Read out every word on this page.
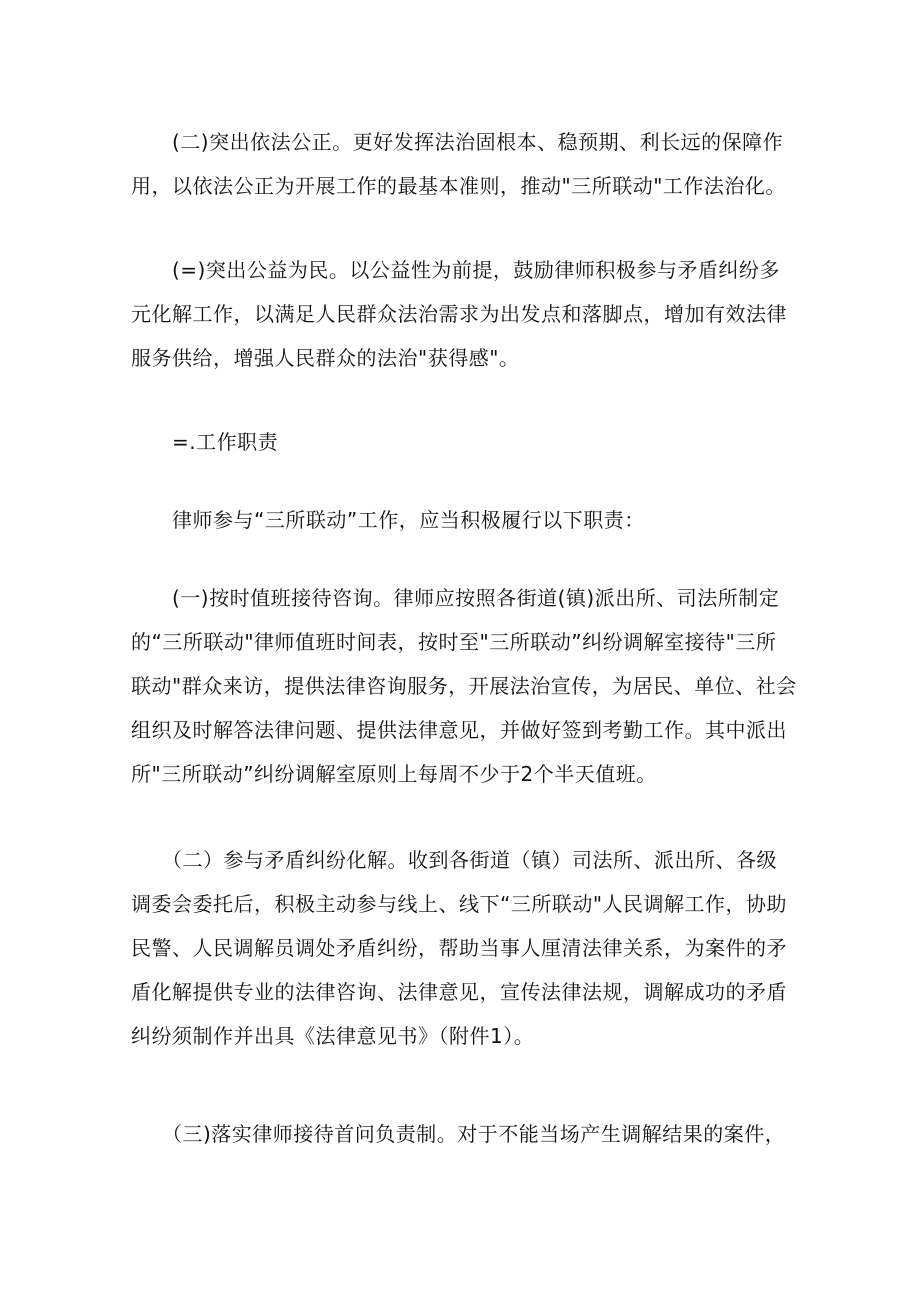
　　(二)突出依法公正。更好发挥法治固根本、稳预期、利长远的保障作
用，以依法公正为开展工作的最基本准则，推动"三所联动"工作法治化。
　　(=)突出公益为民。以公益性为前提，鼓励律师积极参与矛盾纠纷多
元化解工作，以满足人民群众法治需求为出发点和落脚点，增加有效法律
服务供给，增强人民群众的法治"获得感"。
　　=.工作职责
　　律师参与“三所联动”工作，应当积极履行以下职责：
　　(一)按时值班接待咨询。律师应按照各街道(镇)派出所、司法所制定
的“三所联动"律师值班时间表，按时至"三所联动”纠纷调解室接待"三所
联动"群众来访，提供法律咨询服务，开展法治宣传，为居民、单位、社会
组织及时解答法律问题、提供法律意见，并做好签到考勤工作。其中派出
所"三所联动”纠纷调解室原则上每周不少于2个半天值班。
　　（二）参与矛盾纠纷化解。收到各街道（镇）司法所、派出所、各级
调委会委托后，积极主动参与线上、线下“三所联动"人民调解工作，协助
民警、人民调解员调处矛盾纠纷，帮助当事人厘清法律关系，为案件的矛
盾化解提供专业的法律咨询、法律意见，宣传法律法规，调解成功的矛盾
纠纷须制作并出具《法律意见书》（附件1）。
　　（三)落实律师接待首问负责制。对于不能当场产生调解结果的案件，
